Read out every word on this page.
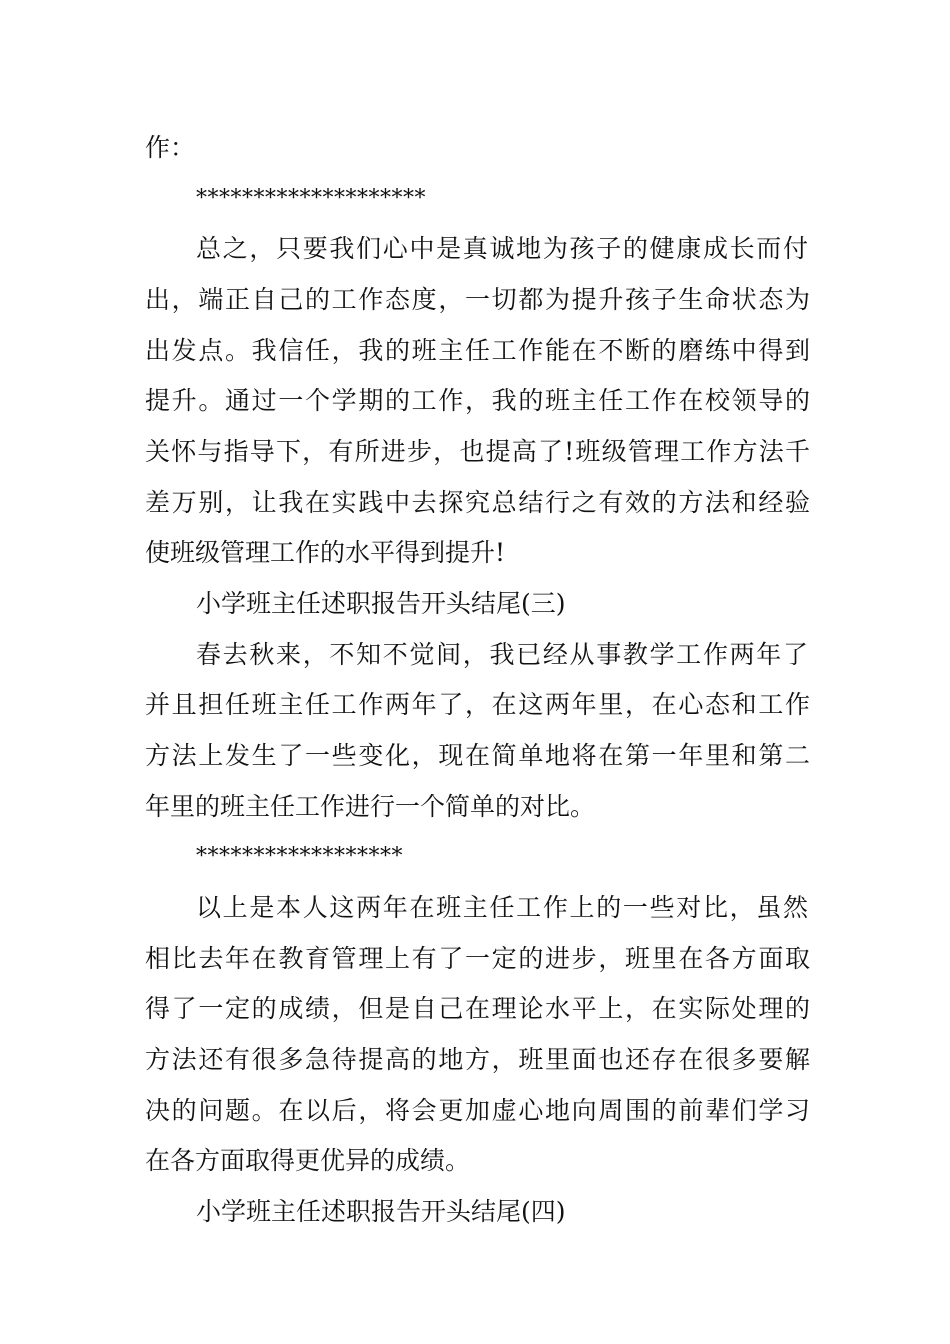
作：
********************
总之，只要我们心中是真诚地为孩子的健康成长而付
出，端正自己的工作态度，一切都为提升孩子生命状态为
出发点。我信任，我的班主任工作能在不断的磨练中得到
提升。通过一个学期的工作，我的班主任工作在校领导的
关怀与指导下，有所进步，也提高了!班级管理工作方法千
差万别，让我在实践中去探究总结行之有效的方法和经验
使班级管理工作的水平得到提升!
小学班主任述职报告开头结尾(三)
春去秋来，不知不觉间，我已经从事教学工作两年了
并且担任班主任工作两年了，在这两年里，在心态和工作
方法上发生了一些变化，现在简单地将在第一年里和第二
年里的班主任工作进行一个简单的对比。
******************
以上是本人这两年在班主任工作上的一些对比，虽然
相比去年在教育管理上有了一定的进步，班里在各方面取
得了一定的成绩，但是自己在理论水平上，在实际处理的
方法还有很多急待提高的地方，班里面也还存在很多要解
决的问题。在以后，将会更加虚心地向周围的前辈们学习
在各方面取得更优异的成绩。
小学班主任述职报告开头结尾(四)
